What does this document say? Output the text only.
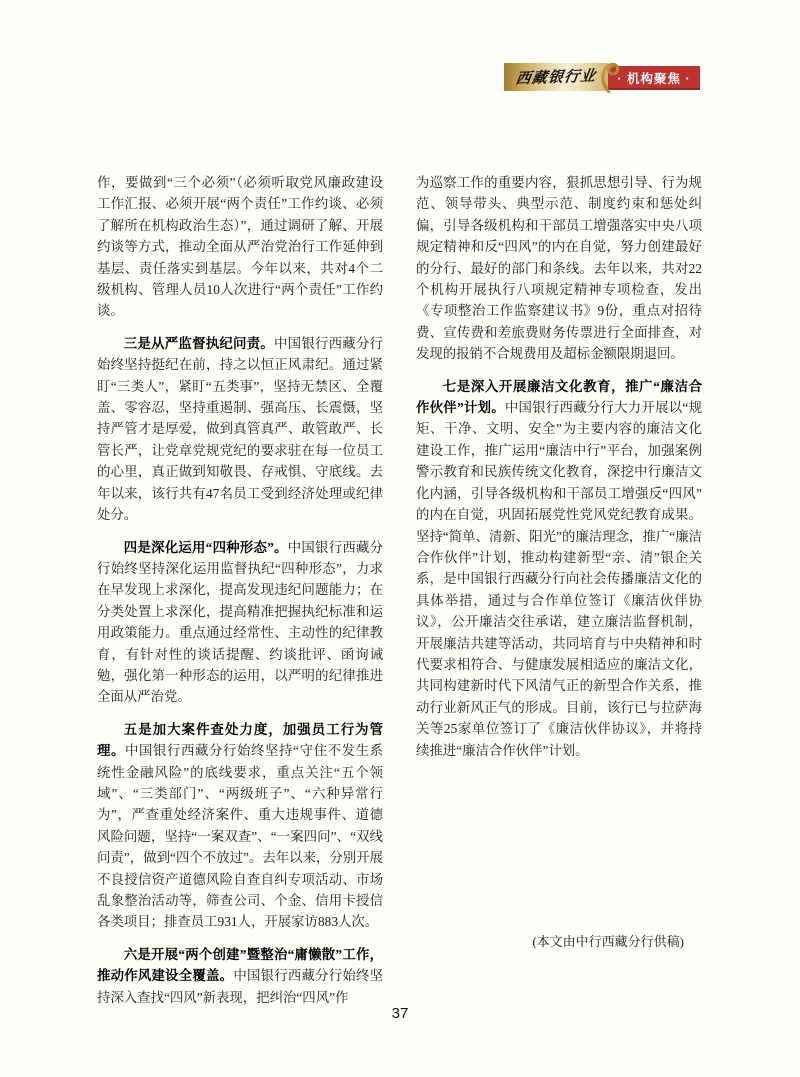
西藏银行业 · 机构聚焦 ·

作，要做到“三个必须”（必须听取党风廉政建设工作汇报、必须开展“两个责任”工作约谈、必须了解所在机构政治生态）”，通过调研了解、开展约谈等方式，推动全面从严治党治行工作延伸到基层、责任落实到基层。今年以来，共对4个二级机构、管理人员10人次进行“两个责任”工作约谈。

三是从严监督执纪问责。中国银行西藏分行始终坚持挺纪在前，持之以恒正风肃纪。通过紧盯“三类人”，紧盯“五类事”，坚持无禁区、全覆盖、零容忍，坚持重遏制、强高压、长震慑，坚持严管才是厚爱，做到真管真严、敢管敢严、长管长严，让党章党规党纪的要求驻在每一位员工的心里，真正做到知敬畏、存戒惧、守底线。去年以来，该行共有47名员工受到经济处理或纪律处分。

四是深化运用“四种形态”。中国银行西藏分行始终坚持深化运用监督执纪“四种形态”，力求在早发现上求深化，提高发现违纪问题能力；在分类处置上求深化，提高精准把握执纪标准和运用政策能力。重点通过经常性、主动性的纪律教育，有针对性的谈话提醒、约谈批评、函询诫勉，强化第一种形态的运用，以严明的纪律推进全面从严治党。

五是加大案件查处力度，加强员工行为管理。中国银行西藏分行始终坚持“守住不发生系统性金融风险”的底线要求，重点关注“五个领域”、“三类部门”、“两级班子”、“六种异常行为”，严查重处经济案件、重大违规事件、道德风险问题，坚持“一案双查”、“一案四问”、“双线问责”，做到“四个不放过”。去年以来，分别开展不良授信资产道德风险自查自纠专项活动、市场乱象整治活动等，筛查公司、个金、信用卡授信各类项目；排查员工931人，开展家访883人次。

六是开展“两个创建”暨整治“庸懒散”工作，推动作风建设全覆盖。中国银行西藏分行始终坚持深入查找“四风”新表现，把纠治“四风”作

为巡察工作的重要内容，狠抓思想引导、行为规范、领导带头、典型示范、制度约束和惩处纠偏，引导各级机构和干部员工增强落实中央八项规定精神和反“四风”的内在自觉，努力创建最好的分行、最好的部门和条线。去年以来，共对22个机构开展执行八项规定精神专项检查，发出《专项整治工作监察建议书》9份，重点对招待费、宣传费和差旅费财务传票进行全面排查，对发现的报销不合规费用及超标金额限期退回。

七是深入开展廉洁文化教育，推广“廉洁合作伙伴”计划。中国银行西藏分行大力开展以“规矩、干净、文明、安全”为主要内容的廉洁文化建设工作，推广运用“廉洁中行”平台，加强案例警示教育和民族传统文化教育，深挖中行廉洁文化内涵，引导各级机构和干部员工增强反“四风”的内在自觉，巩固拓展党性党风党纪教育成果。坚持“简单、清新、阳光”的廉洁理念，推广“廉洁合作伙伴”计划，推动构建新型“亲、清”银企关系，是中国银行西藏分行向社会传播廉洁文化的具体举措，通过与合作单位签订《廉洁伙伴协议》，公开廉洁交往承诺，建立廉洁监督机制，开展廉洁共建等活动，共同培育与中央精神和时代要求相符合、与健康发展相适应的廉洁文化，共同构建新时代下风清气正的新型合作关系，推动行业新风正气的形成。目前，该行已与拉萨海关等25家单位签订了《廉洁伙伴协议》，并将持续推进“廉洁合作伙伴”计划。

(本文由中行西藏分行供稿)
37
